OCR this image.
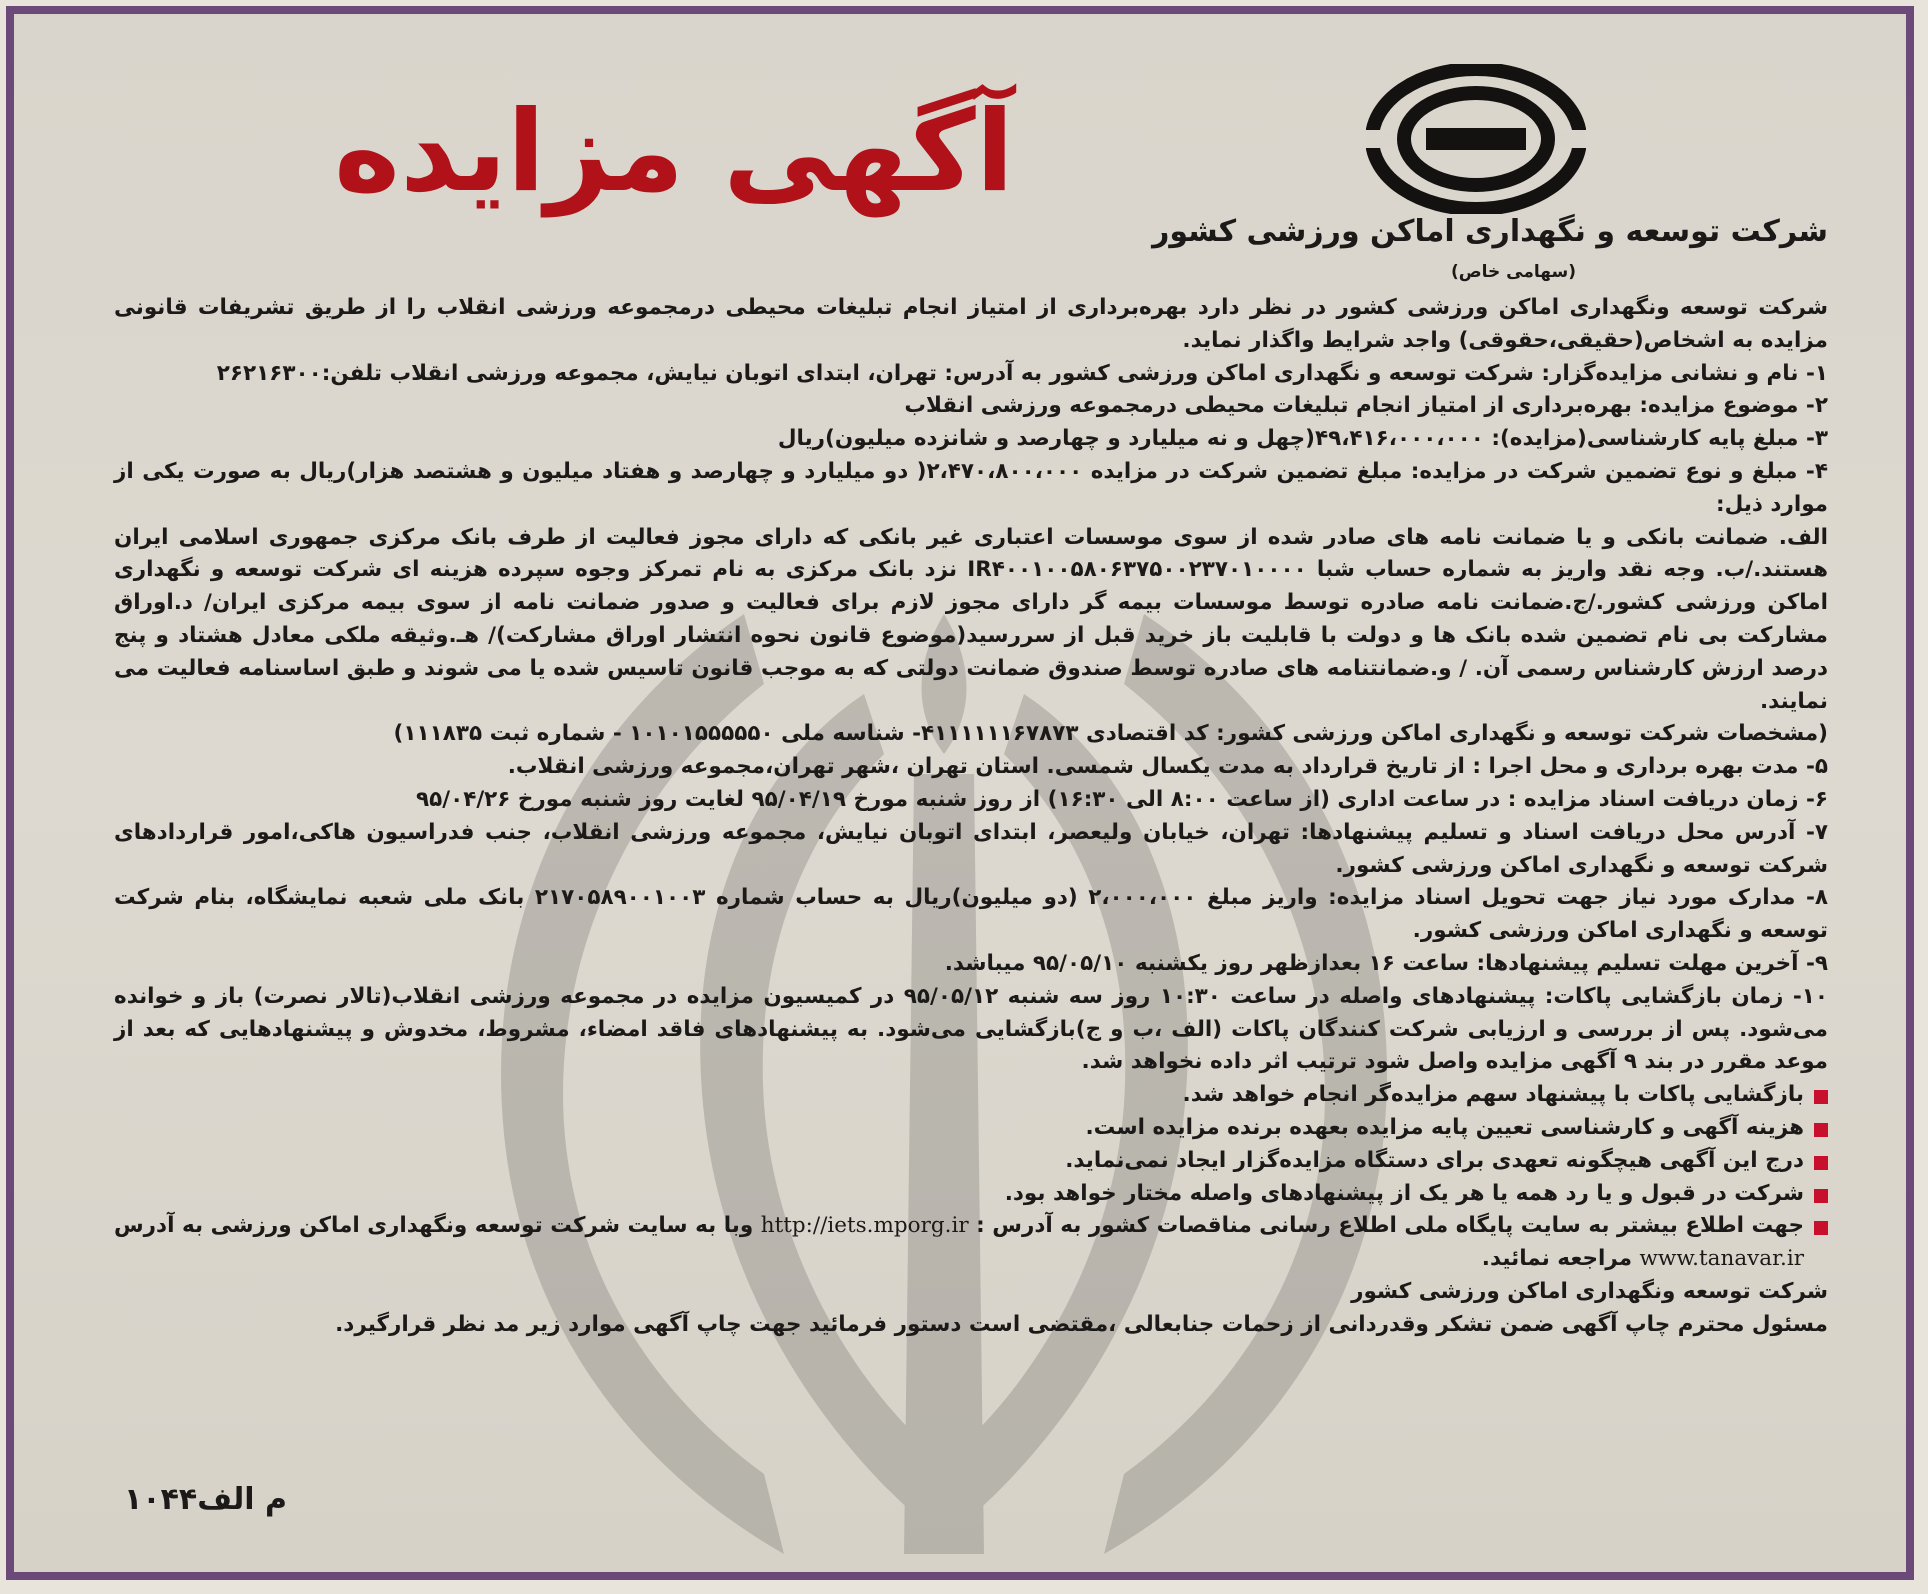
آگهی مزایده
شرکت توسعه و نگهداری اماکن ورزشی کشور
(سهامی خاص)

شرکت توسعه ونگهداری اماکن ورزشی کشور در نظر دارد بهره‌برداری از امتیاز انجام تبلیغات محیطی درمجموعه ورزشی انقلاب را از طریق تشریفات قانونی مزایده به اشخاص(حقیقی،حقوقی) واجد شرایط واگذار نماید.

۱- نام و نشانی مزایده‌گزار: شرکت توسعه و نگهداری اماکن ورزشی کشور به آدرس: تهران، ابتدای اتوبان نیایش، مجموعه ورزشی انقلاب تلفن:۲۶۲۱۶۳۰۰

۲- موضوع مزایده: بهره‌برداری از امتیاز انجام تبلیغات محیطی درمجموعه ورزشی انقلاب

۳- مبلغ پایه کارشناسی(مزایده): ۴۹،۴۱۶،۰۰۰،۰۰۰(چهل و نه میلیارد و چهارصد و شانزده میلیون)ریال

۴- مبلغ و نوع تضمین شرکت در مزایده: مبلغ تضمین شرکت در مزایده ۲،۴۷۰،۸۰۰،۰۰۰( دو میلیارد و چهارصد و هفتاد میلیون و هشتصد هزار)ریال به صورت یکی از موارد ذیل:

الف. ضمانت بانکی و یا ضمانت نامه های صادر شده از سوی موسسات اعتباری غیر بانکی که دارای مجوز فعالیت از طرف بانک مرکزی جمهوری اسلامی ایران هستند./ب. وجه نقد واریز به شماره حساب شبا IR۴۰۰۱۰۰۵۸۰۶۳۷۵۰۰۲۳۷۰۱۰۰۰۰ نزد بانک مرکزی به نام تمرکز وجوه سپرده هزینه ای شرکت توسعه و نگهداری اماکن ورزشی کشور./ج.ضمانت نامه صادره توسط موسسات بیمه گر دارای مجوز لازم برای فعالیت و صدور ضمانت نامه از سوی بیمه مرکزی ایران/ د.اوراق مشارکت بی نام تضمین شده بانک ها و دولت با قابلیت باز خرید قبل از سررسید(موضوع قانون نحوه انتشار اوراق مشارکت)/ هـ.وثیقه ملکی معادل هشتاد و پنج درصد ارزش کارشناس رسمی آن. / و.ضمانتنامه های صادره توسط صندوق ضمانت دولتی که به موجب قانون تاسیس شده یا می شوند و طبق اساسنامه فعالیت می نمایند.

(مشخصات شرکت توسعه و نگهداری اماکن ورزشی کشور: کد اقتصادی ۴۱۱۱۱۱۱۶۷۸۷۳- شناسه ملی ۱۰۱۰۱۵۵۵۵۵۰ - شماره ثبت ۱۱۱۸۳۵)

۵- مدت بهره برداری و محل اجرا : از تاریخ قرارداد به مدت یکسال شمسی. استان تهران ،شهر تهران،مجموعه ورزشی انقلاب.

۶- زمان دریافت اسناد مزایده : در ساعت اداری (از ساعت ۸:۰۰ الی ۱۶:۳۰) از روز شنبه مورخ ۹۵/۰۴/۱۹ لغایت روز شنبه مورخ ۹۵/۰۴/۲۶

۷- آدرس محل دریافت اسناد و تسلیم پیشنهادها: تهران، خیابان ولیعصر، ابتدای اتوبان نیایش، مجموعه ورزشی انقلاب، جنب فدراسیون هاکی،امور قراردادهای شرکت توسعه و نگهداری اماکن ورزشی کشور.

۸- مدارک مورد نیاز جهت تحویل اسناد مزایده: واریز مبلغ ۲،۰۰۰،۰۰۰ (دو میلیون)ریال به حساب شماره ۲۱۷۰۵۸۹۰۰۱۰۰۳ بانک ملی شعبه نمایشگاه، بنام شرکت توسعه و نگهداری اماکن ورزشی کشور.

۹- آخرین مهلت تسلیم پیشنهادها: ساعت ۱۶ بعدازظهر روز یکشنبه ۹۵/۰۵/۱۰ میباشد.

۱۰- زمان بازگشایی پاکات: پیشنهادهای واصله در ساعت ۱۰:۳۰ روز سه شنبه ۹۵/۰۵/۱۲ در کمیسیون مزایده در مجموعه ورزشی انقلاب(تالار نصرت) باز و خوانده می‌شود. پس از بررسی و ارزیابی شرکت کنندگان پاکات (الف ،ب و ج)بازگشایی می‌شود. به پیشنهادهای فاقد امضاء، مشروط، مخدوش و پیشنهادهایی که بعد از موعد مقرر در بند ۹ آگهی مزایده واصل شود ترتیب اثر داده نخواهد شد.

بازگشایی پاکات با پیشنهاد سهم مزایده‌گر انجام خواهد شد.
هزینه آگهی و کارشناسی تعیین پایه مزایده بعهده برنده مزایده است.
درج این آگهی هیچگونه تعهدی برای دستگاه مزایده‌گزار ایجاد نمی‌نماید.
شرکت در قبول و یا رد همه یا هر یک از پیشنهادهای واصله مختار خواهد بود.
جهت اطلاع بیشتر به سایت پایگاه ملی اطلاع رسانی مناقصات کشور به آدرس : http://iets.mporg.ir وبا به سایت شرکت توسعه ونگهداری اماکن ورزشی به آدرس www.tanavar.ir مراجعه نمائید.

شرکت توسعه ونگهداری اماکن ورزشی کشور

مسئول محترم چاپ آگهی ضمن تشکر وقدردانی از زحمات جنابعالی ،مقتضی است دستور فرمائید جهت چاپ آگهی موارد زیر مد نظر قرارگیرد.

م الف۱۰۴۴
